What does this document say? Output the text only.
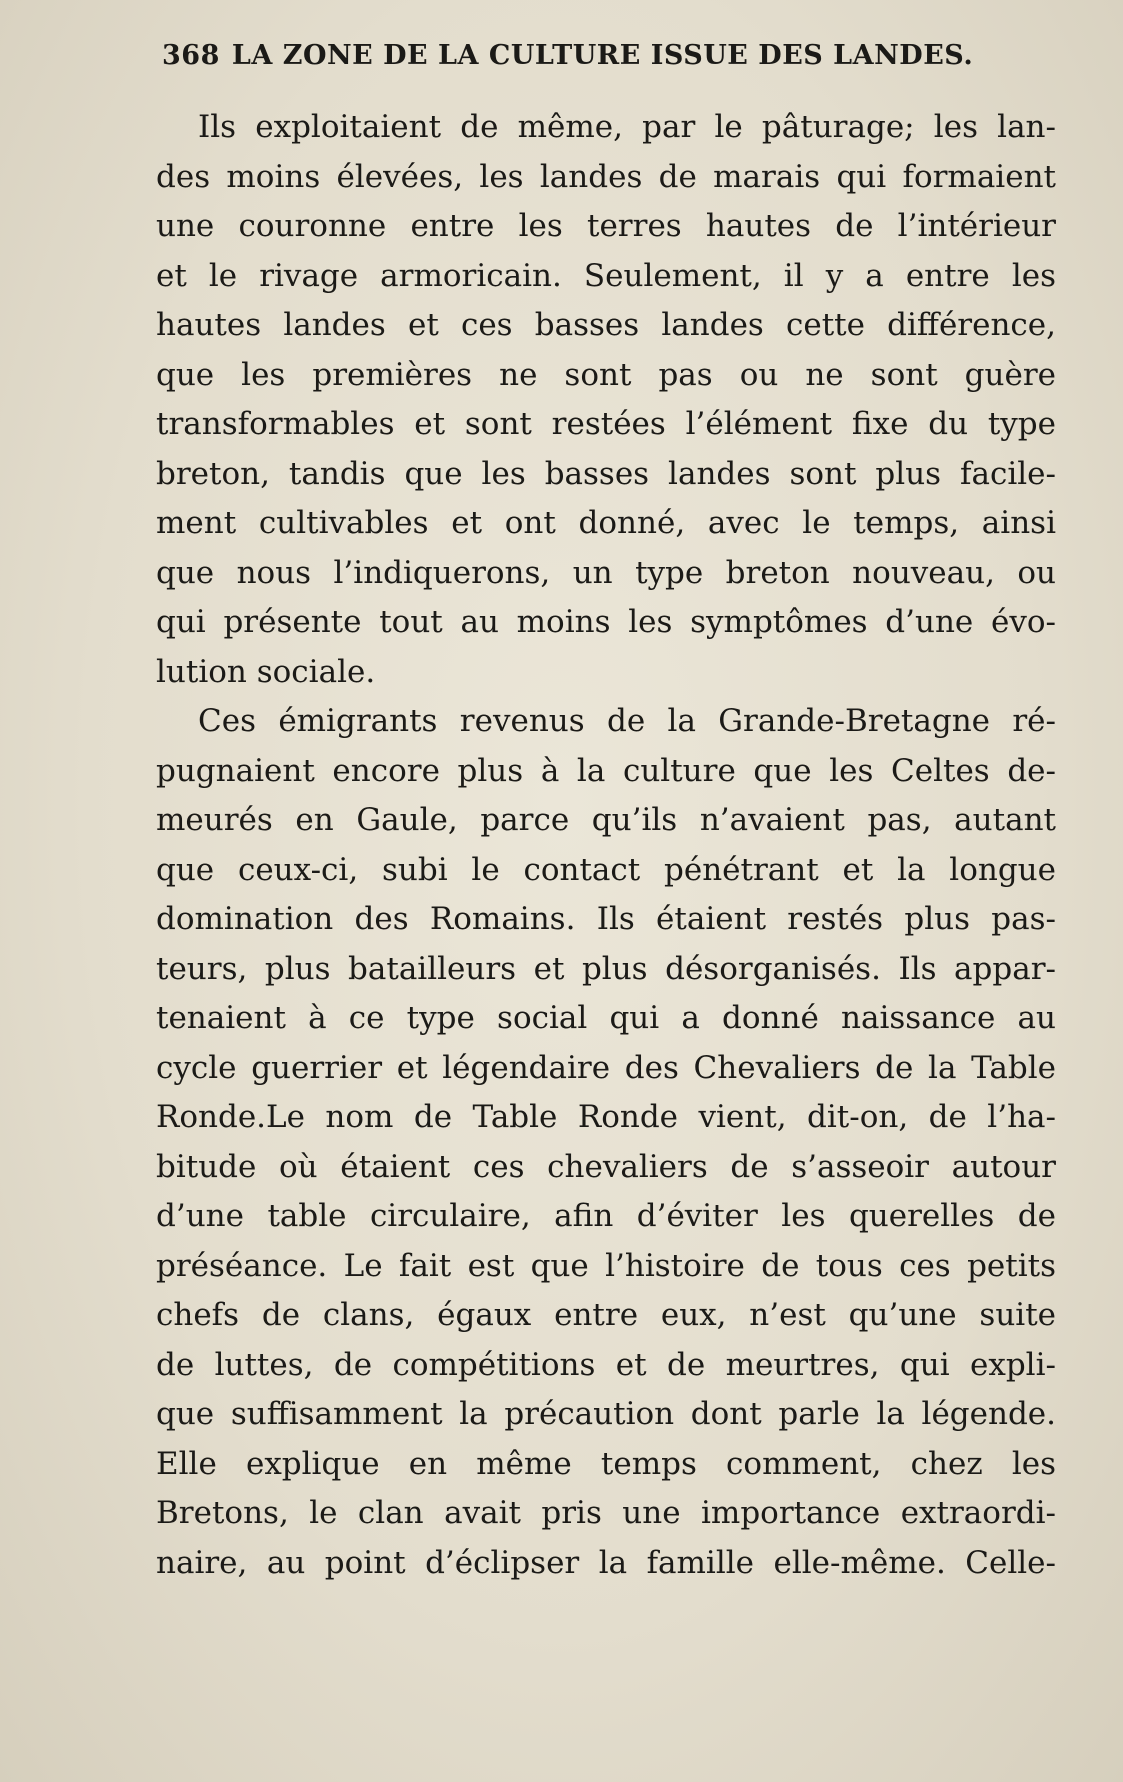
368 LA ZONE DE LA CULTURE ISSUE DES LANDES.
Ils exploitaient de même, par le pâturage; les lan-
des moins élevées, les landes de marais qui formaient
une couronne entre les terres hautes de l’intérieur
et le rivage armoricain. Seulement, il y a entre les
hautes landes et ces basses landes cette différence,
que les premières ne sont pas ou ne sont guère
transformables et sont restées l’élément fixe du type
breton, tandis que les basses landes sont plus facile-
ment cultivables et ont donné, avec le temps, ainsi
que nous l’indiquerons, un type breton nouveau, ou
qui présente tout au moins les symptômes d’une évo-
lution sociale.
Ces émigrants revenus de la Grande-Bretagne ré-
pugnaient encore plus à la culture que les Celtes de-
meurés en Gaule, parce qu’ils n’avaient pas, autant
que ceux-ci, subi le contact pénétrant et la longue
domination des Romains. Ils étaient restés plus pas-
teurs, plus batailleurs et plus désorganisés. Ils appar-
tenaient à ce type social qui a donné naissance au
cycle guerrier et légendaire des Chevaliers de la Table
Ronde.Le nom de Table Ronde vient, dit-on, de l’ha-
bitude où étaient ces chevaliers de s’asseoir autour
d’une table circulaire, afin d’éviter les querelles de
préséance. Le fait est que l’histoire de tous ces petits
chefs de clans, égaux entre eux, n’est qu’une suite
de luttes, de compétitions et de meurtres, qui expli-
que suffisamment la précaution dont parle la légende.
Elle explique en même temps comment, chez les
Bretons, le clan avait pris une importance extraordi-
naire, au point d’éclipser la famille elle-même. Celle-
